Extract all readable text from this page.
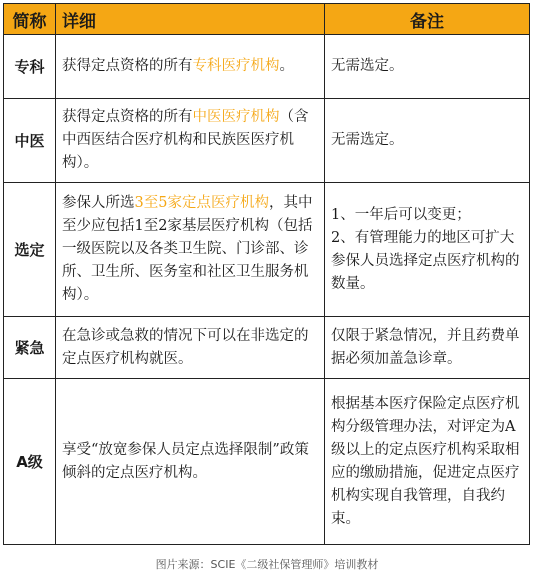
简称	详细	备注
专科	获得定点资格的所有专科医疗机构。	无需选定。
中医	获得定点资格的所有中医医疗机构（含中西医结合医疗机构和民族医医疗机构）。	无需选定。
选定	参保人所选3至5家定点医疗机构，其中至少应包括1至2家基层医疗机构（包括一级医院以及各类卫生院、门诊部、诊所、卫生所、医务室和社区卫生服务机构）。	1、一年后可以变更；
2、有管理能力的地区可扩大参保人员选择定点医疗机构的数量。

紧急	在急诊或急救的情况下可以在非选定的定点医疗机构就医。	仅限于紧急情况，并且药费单据必须加盖急诊章。
A级	享受“放宽参保人员定点选择限制”政策倾斜的定点医疗机构。	根据基本医疗保险定点医疗机构分级管理办法，对评定为A级以上的定点医疗机构采取相应的缴励措施，促进定点医疗机构实现自我管理，自我约束。
图片来源：SCIE《二级社保管理师》培训教材
